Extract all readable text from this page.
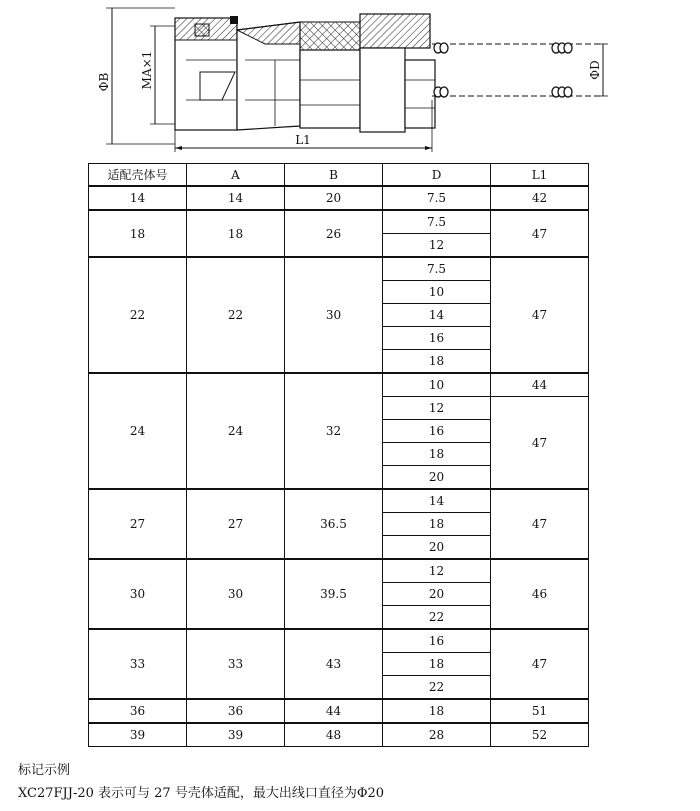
ΦB MA×1	ΦD
L1
适配壳体号	A	B	D	L1
14	14	20	7.5	42
18	18	26	7.5	47
			12	
22	22	30	7.5	47
			10	
			14	
			16	
			18	
24	24	32	10	44
			12	47
			16	
			18	
			20	
27	27	36.5	14	47
			18	
			20	
30	30	39.5	12	46
			20	
			22	
33	33	43	16	47
			18	
			22	
36	36	44	18	51
39	39	48	28	52
标记示例
XC27FJJ-20 表示可与 27 号壳体适配，最大出线口直径为Φ20
